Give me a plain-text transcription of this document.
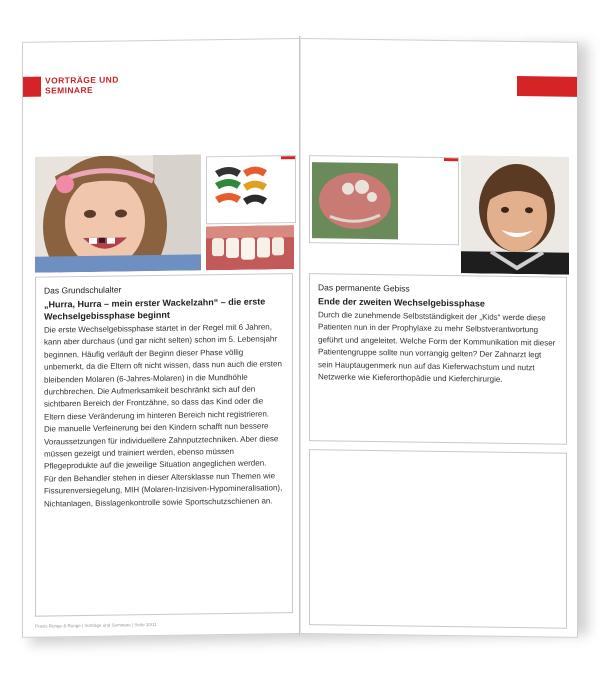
VORTRÄGE UND SEMINARE
Das Grundschulalter
„Hurra, Hurra – mein erster Wackelzahn“ – die erste Wechselgebissphase beginnt
Die erste Wechselgebissphase startet in der Regel mit 6 Jahren, kann aber durchaus (und gar nicht selten) schon im 5. Lebensjahr beginnen. Häufig verläuft der Beginn dieser Phase völlig unbemerkt, da die Eltern oft nicht wissen, dass nun auch die ersten bleibenden Molaren (6-Jahres-Molaren) in die Mundhöhle durchbrechen. Die Aufmerksamkeit beschränkt sich auf den sichtbaren Bereich der Frontzähne, so dass das Kind oder die Eltern diese Veränderung im hinteren Bereich nicht registrieren.
Die manuelle Verfeinerung bei den Kindern schafft nun bessere Voraussetzungen für individuellere Zahnputztechniken. Aber diese müssen gezeigt und trainiert werden, ebenso müssen Pflegeprodukte auf die jeweilige Situation angeglichen werden.
Für den Behandler stehen in dieser Altersklasse nun Themen wie Fissurenversiegelung, MIH (Molaren-Inzisiven-Hypomineralisation), Nichtanlagen, Bisslagenkontrolle sowie Sportschutzschienen an.
Praxis Runge & Runge | Vorträge und Seminare | Seite 10/11
Das permanente Gebiss
Ende der zweiten Wechselgebissphase
Durch die zunehmende Selbstständigkeit der „Kids“ werde diese Patienten nun in der Prophylaxe zu mehr Selbstverantwortung geführt und angeleitet. Welche Form der Kommunikation mit dieser Patientengruppe sollte nun vorrangig gelten? Der Zahnarzt legt sein Hauptaugenmerk nun auf das Kieferwachstum und nutzt Netzwerke wie Kieferorthopädie und Kieferchirurgie.
